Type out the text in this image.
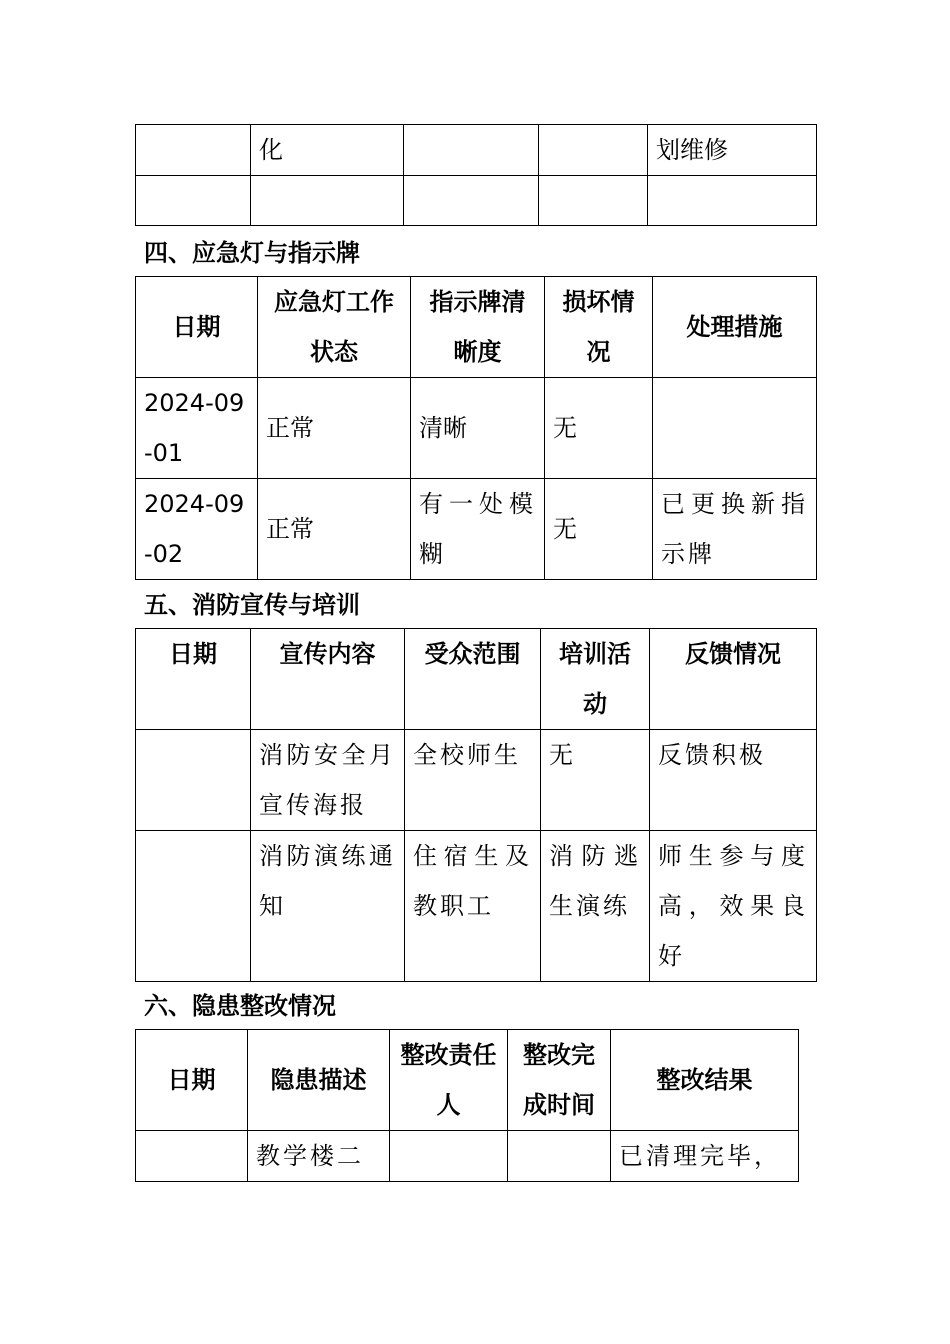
	化			划维修

四、应急灯与指示牌
日期	应急灯工作状态	指示牌清晰度	损坏情况	处理措施
2024-09-01	正常	清晰	无	
2024-09-02	正常	有一处模糊	无	已更换新指示牌
五、消防宣传与培训
日期	宣传内容	受众范围	培训活动	反馈情况
	消防安全月宣传海报	全校师生	无	反馈积极
	消防演练通知	住宿生及教职工	消防逃生演练	师生参与度高，效果良好
六、隐患整改情况
日期	隐患描述	整改责任人	整改完成时间	整改结果
	教学楼二			已清理完毕，
